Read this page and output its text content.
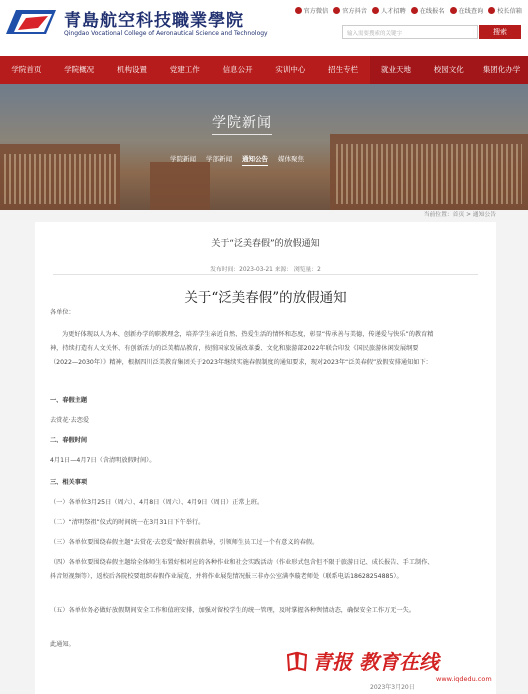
青島航空科技職業學院
Qingdao Vocational College of Aeronautical Science and Technology
官方微信 官方抖音 人才招聘 在线报名 在线查询 校长信箱
输入需要搜索的关键字	搜索
学院首页	学院概况	机构设置	党建工作	信息公开	实训中心	招生专栏	就业天地	校园文化	集团化办学
学院新闻
学院新闻 学部新闻 通知公告 媒体聚焦
当前位置：首页 > 通知公告
关于“泛美春假”的放假通知
发布时间：2023-03-21 来源： 浏览量：2
关于“泛美春假”的放假通知
各单位：
为更好体现以人为本、创新办学的职教理念，培养学生亲近自然、热爱生活的情怀和态度，彰显“传承善与美德，传递爱与快乐”的教育精神，持续打造有人文关怀、有创新活力的泛美精品教育，按照国家发展改革委、文化和旅游部2022年联合印发《国民旅游休闲发展纲要（2022—2030年）》精神，根据四川泛美教育集团关于2023年继续实施春假制度的通知要求，现对2023年“泛美春假”放假安排通知如下：
一、春假主题
去赏花·去恋爱
二、春假时间
4月1日—4月7日（含清明放假时间）。
三、相关事项
（一）各单位3月25日（周六）、4月8日（周六）、4月9日（周日）正常上班。
（二）“清明祭祖”仪式的时间统一在3月31日下午举行。
（三）各单位要围绕春假主题“去赏花·去恋爱”做好假前指导，引领师生员工过一个有意义的春假。
（四）各单位要围绕春假主题给全体师生布置好相对应的各种作业和社会实践活动（作业形式包含但不限于旅游日记、成长报告、手工制作、抖音短视频等），返校后各院校要组织春假作业展览，并将作业展览情况报三非办公室满李璇老师处（联系电话18628254885）。
（五）各单位务必做好放假期间安全工作和值班安排，加强对留校学生的统一管理，及时掌握各种舆情动态，确保安全工作万无一失。
此通知。
青报 教育在线
www.iqdedu.com
2023年3月20日
